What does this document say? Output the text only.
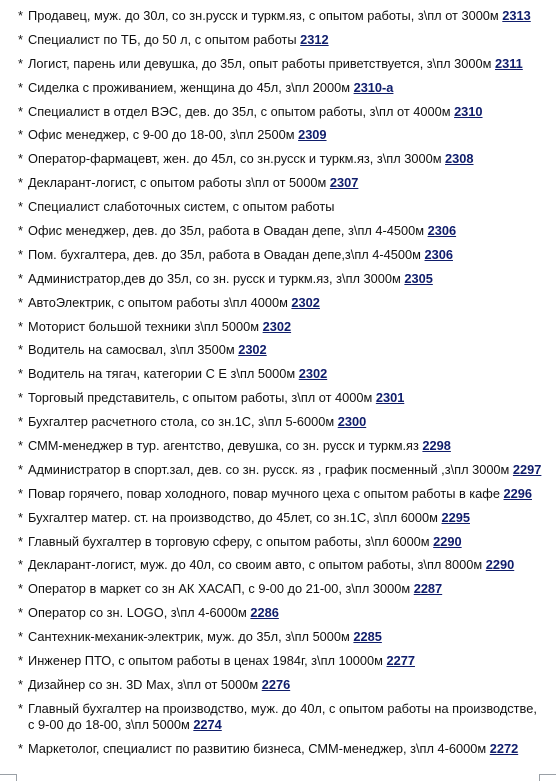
* Продавец, муж. до 30л, со зн.русск и туркм.яз, с опытом работы, з\пл от 3000м 2313
* Специалист по ТБ, до 50 л, с опытом работы 2312
* Логист, парень или девушка, до 35л, опыт работы приветствуется, з\пл 3000м 2311
* Сиделка с проживанием, женщина до 45л, з\пл 2000м 2310-а
* Специалист в отдел ВЭС, дев. до 35л, с опытом работы, з\пл от 4000м 2310
* Офис менеджер, с 9-00 до 18-00, з\пл 2500м 2309
* Оператор-фармацевт, жен. до 45л, со зн.русск и туркм.яз, з\пл 3000м 2308
* Декларант-логист, с опытом работы з\пл от 5000м 2307
* Специалист слаботочных систем, с опытом работы
* Офис менеджер, дев. до 35л, работа в Овадан депе, з\пл 4-4500м 2306
* Пом. бухгалтера, дев. до 35л, работа в Овадан депе,з\пл 4-4500м 2306
* Администратор,дев до 35л, со зн. русск и туркм.яз, з\пл 3000м 2305
* АвтоЭлектрик, с опытом работы з\пл 4000м 2302
* Моторист большой техники з\пл 5000м 2302
* Водитель на самосвал, з\пл 3500м 2302
* Водитель на тягач, категории С Е з\пл 5000м 2302
* Торговый представитель, с опытом работы, з\пл от 4000м 2301
* Бухгалтер расчетного стола, со зн.1С, з\пл 5-6000м 2300
* СММ-менеджер в тур. агентство, девушка, со зн. русск и туркм.яз 2298
* Администратор в спорт.зал, дев. со зн. русск. яз , график посменный ,з\пл 3000м 2297
* Повар горячего, повар холодного, повар мучного цеха с опытом работы в кафе 2296
* Бухгалтер матер. ст. на производство, до 45лет, со зн.1С, з\пл 6000м 2295
* Главный бухгалтер в торговую сферу, с опытом работы, з\пл 6000м 2290
* Декларант-логист, муж. до 40л, со своим авто, с опытом работы, з\пл 8000м 2290
* Оператор в маркет со зн АК ХАСАП, с 9-00 до 21-00, з\пл 3000м 2287
* Оператор со зн. LOGO, з\пл 4-6000м 2286
* Сантехник-механик-электрик, муж. до 35л, з\пл 5000м 2285
* Инженер ПТО, с опытом работы в ценах 1984г, з\пл 10000м 2277
* Дизайнер со зн. 3D Max, з\пл от 5000м 2276
* Главный бухгалтер на производство, муж. до 40л, с опытом работы на производстве, с 9-00 до 18-00, з\пл 5000м 2274
* Маркетолог, специалист по развитию бизнеса, СММ-менеджер, з\пл 4-6000м 2272
